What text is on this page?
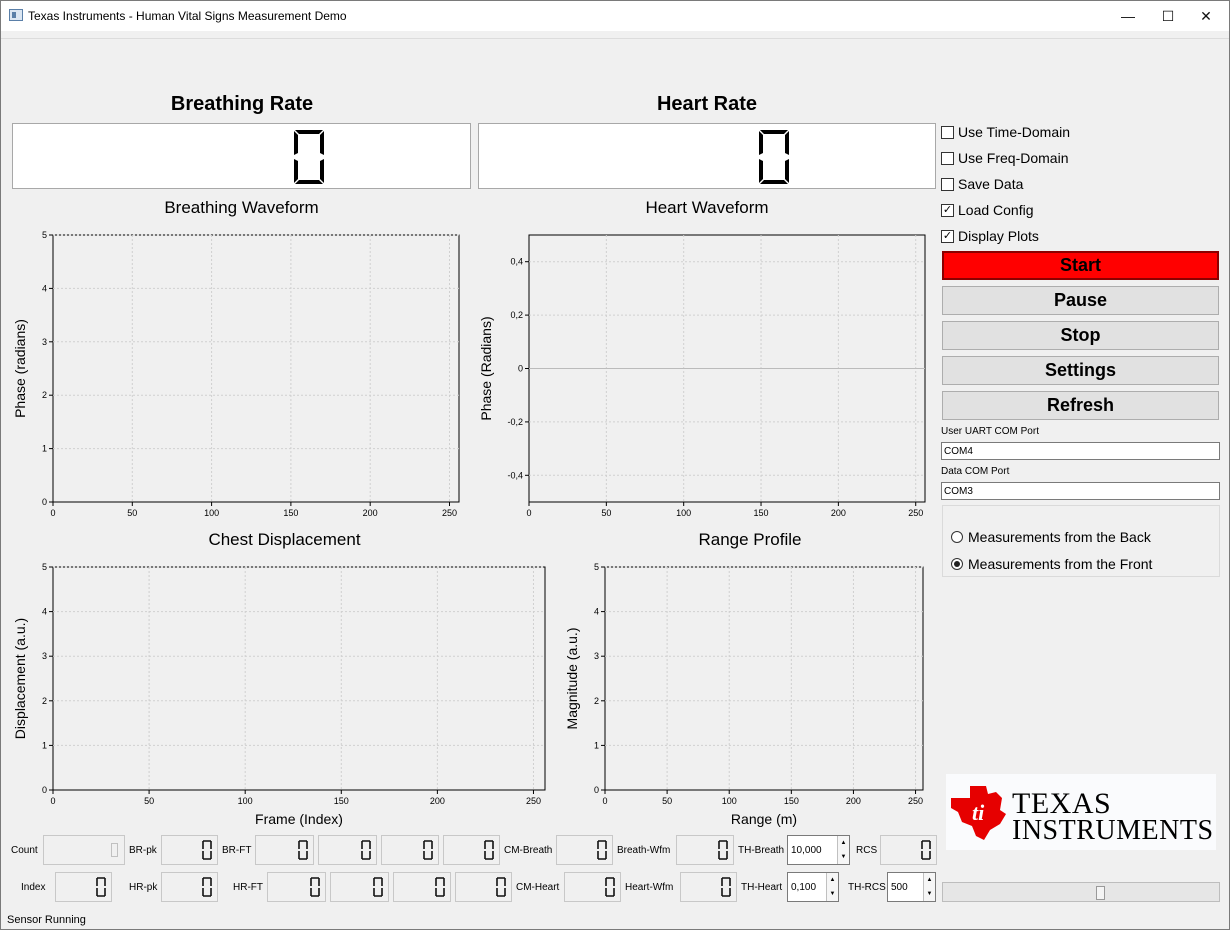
Texas Instruments - Human Vital Signs Measurement Demo	—	☐	✕
Breathing Rate	Heart Rate
Breathing Waveform	Heart Waveform
Chest Displacement	Range Profile
0	50	100	150	200	250
0
1
2
3
4
5
Phase (radians)
0	50	100	150	200	250
-0,4
-0,2
0
0,2
0,4
Phase (Radians)
0	50	100	150	200	250
0
1
2
3
4
5
Displacement (a.u.)
Frame (Index)
0	50	100	150	200	250
0
1
2
3
4
5
Magnitude (a.u.)
Range (m)
Use Time-Domain
Use Freq-Domain
Save Data
✓ Load Config
✓ Display Plots
Start
Pause
Stop
Settings
Refresh
User UART COM Port
COM4
Data COM Port
COM3
Measurements from the Back
Measurements from the Front
ti TEXAS
INSTRUMENTS
Count	BR-pk	BR-FT	CM-Breath	Breath-Wfm	TH-Breath 10,000
▲
▼
RCS
Index	HR-pk	HR-FT	CM-Heart	Heart-Wfm	TH-Heart 0,100
▲
▼
TH-RCS 500
▲
▼
Sensor Running
